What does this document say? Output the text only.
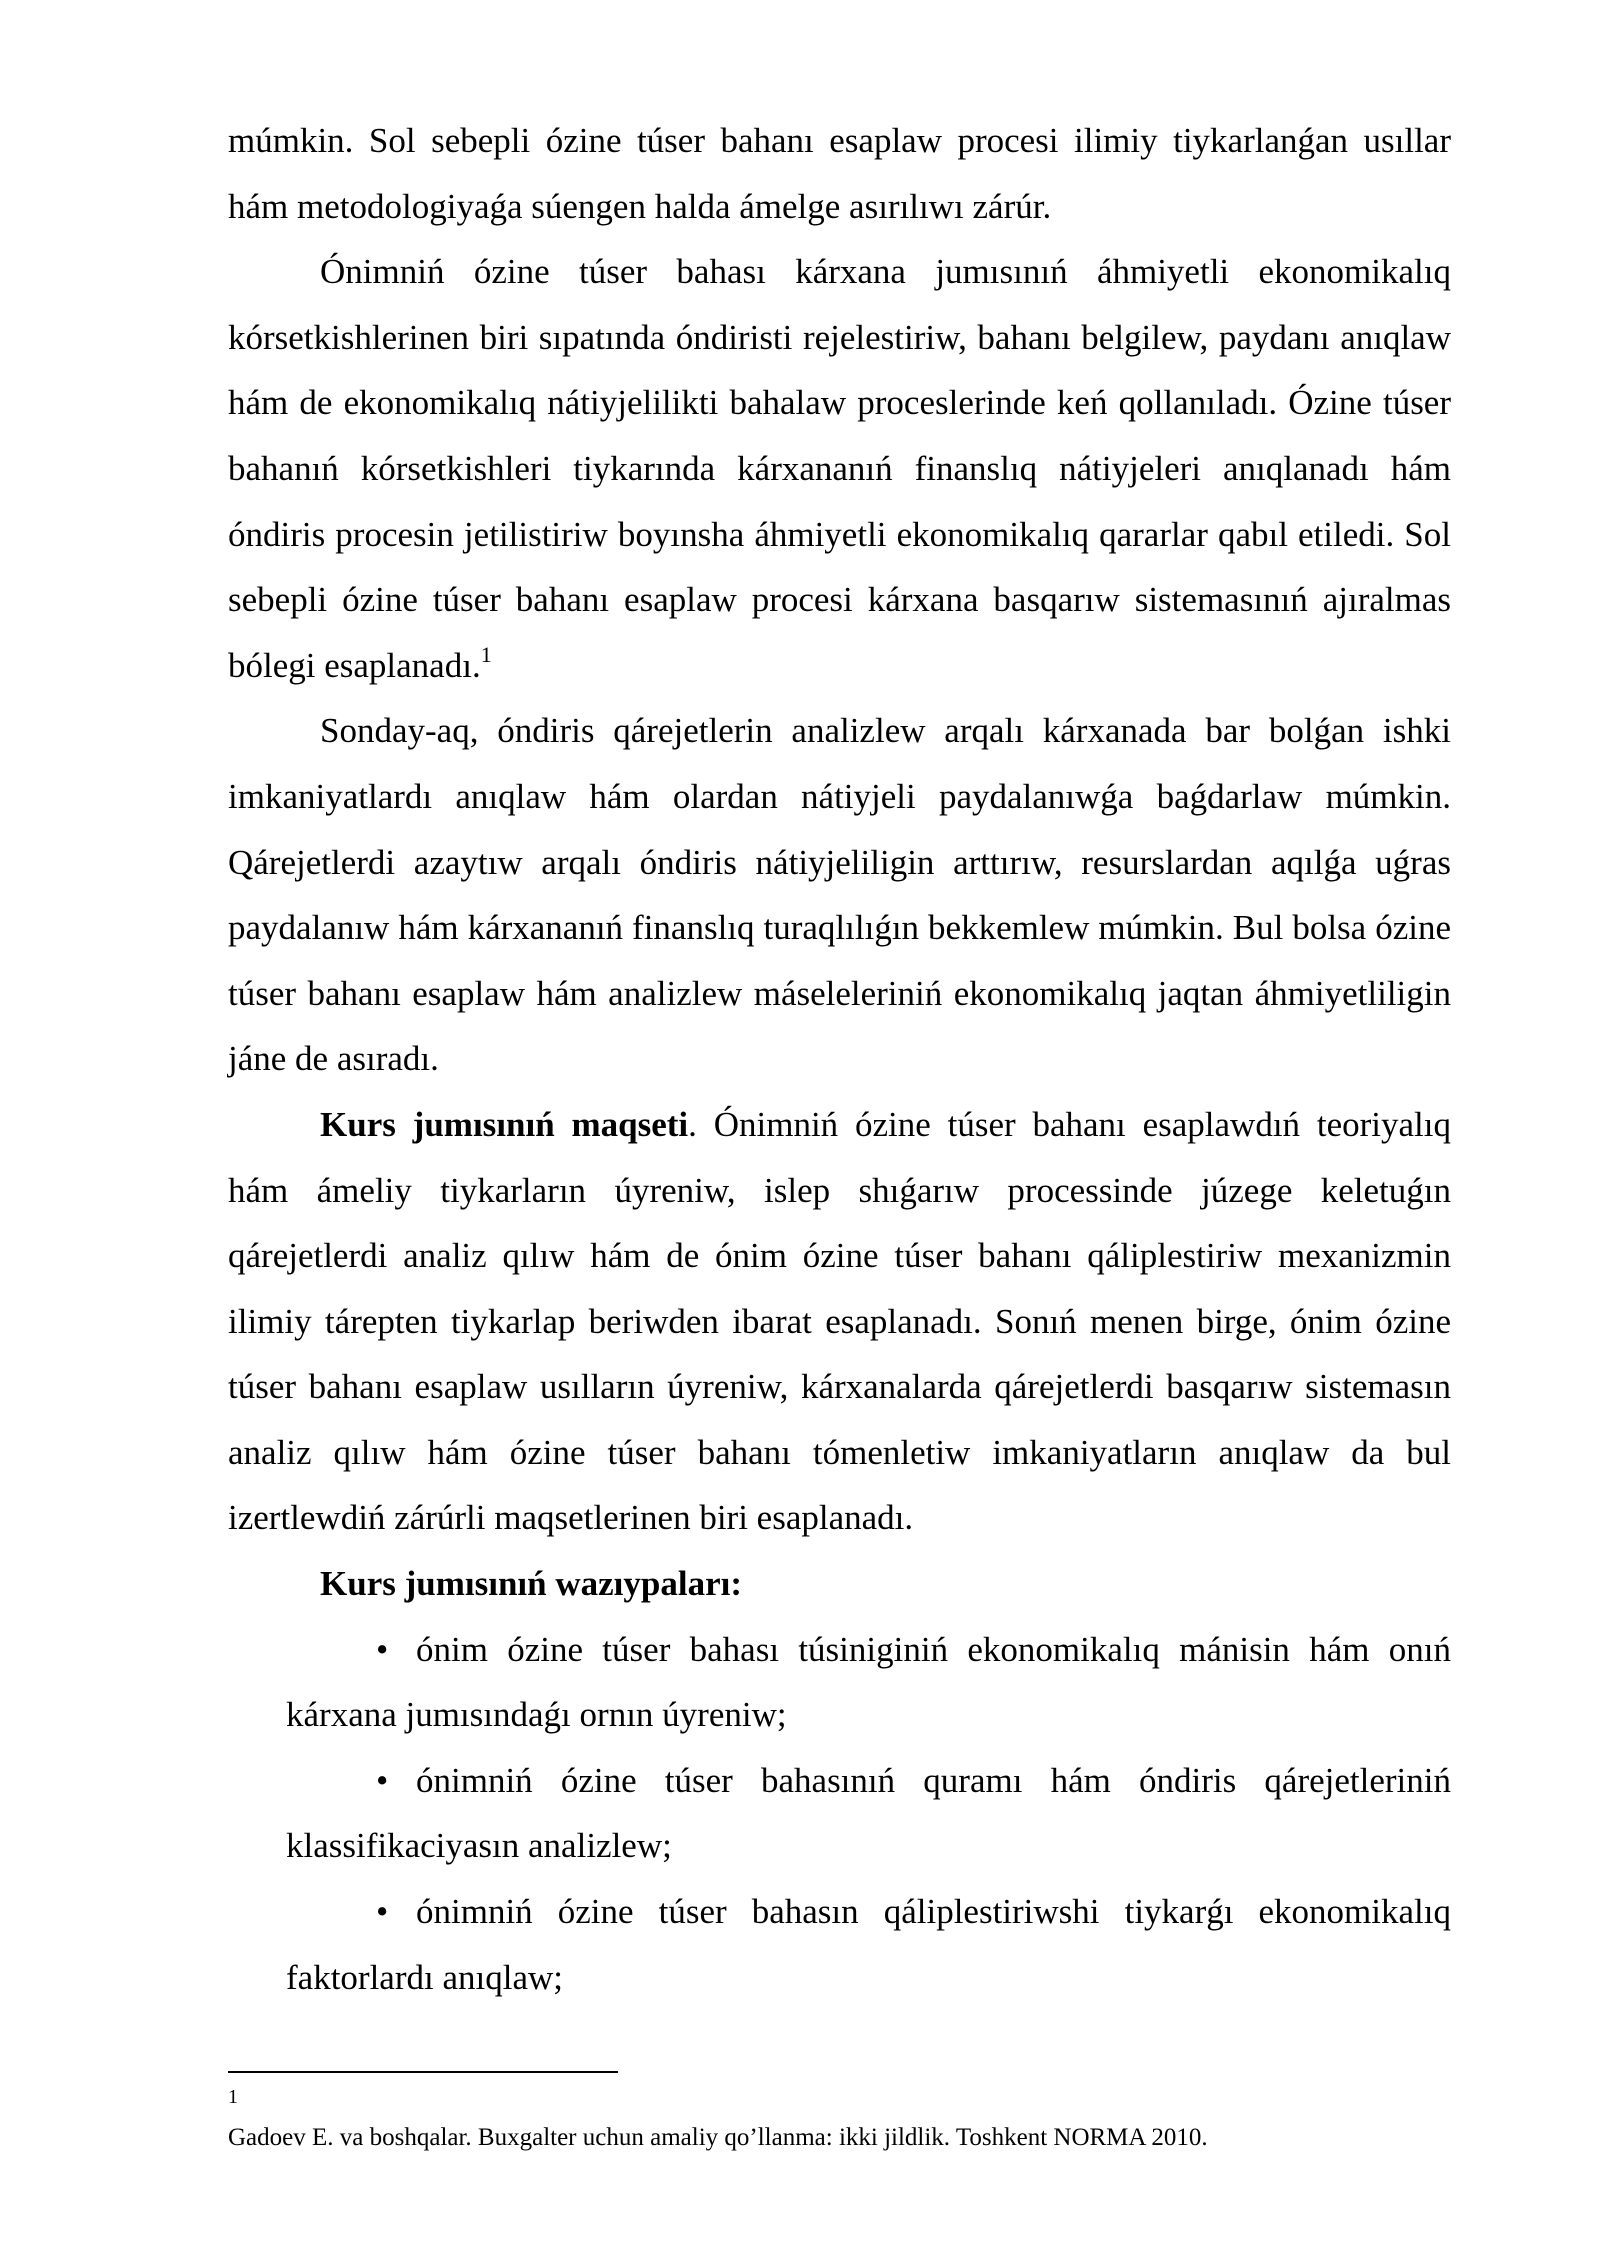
múmkin. Sol sebepli ózine túser bahanı esaplaw procesi ilimiy tiykarlanǵan usıllar hám metodologiyaǵa súengen halda ámelge asırılıwı zárúr.

Ónimniń ózine túser bahası kárxana jumısınıń áhmiyetli ekonomikalıq kórsetkishlerinen biri sıpatında óndiristi rejelestiriw, bahanı belgilew, paydanı anıqlaw hám de ekonomikalıq nátiyjelilikti bahalaw proceslerinde keń qollanıladı. Ózine túser bahanıń kórsetkishleri tiykarında kárxananıń finanslıq nátiyjeleri anıqlanadı hám óndiris procesin jetilistiriw boyınsha áhmiyetli ekonomikalıq qararlar qabıl etiledi. Sol sebepli ózine túser bahanı esaplaw procesi kárxana basqarıw sistemasınıń ajıralmas bólegi esaplanadı.$^1$

Sonday-aq, óndiris qárejetlerin analizlew arqalı kárxanada bar bolǵan ishki imkaniyatlardı anıqlaw hám olardan nátiyjeli paydalanıwǵa baǵdarlaw múmkin. Qárejetlerdi azaytıw arqalı óndiris nátiyjeliligin arttırıw, resurslardan aqılǵa uǵras paydalanıw hám kárxananıń finanslıq turaqlılıǵın bekkemlew múmkin. Bul bolsa ózine túser bahanı esaplaw hám analizlew máseleleriniń ekonomikalıq jaqtan áhmiyetliligin jáne de asıradı.

Kurs jumısınıń maqseti. Ónimniń ózine túser bahanı esaplawdıń teoriyalıq hám ámeliy tiykarların úyreniw, islep shıǵarıw processinde júzege keletuǵın qárejetlerdi analiz qılıw hám de ónim ózine túser bahanı qáliplestiriw mexanizmin ilimiy tárepten tiykarlap beriwden ibarat esaplanadı. Sonıń menen birge, ónim ózine túser bahanı esaplaw usılların úyreniw, kárxanalarda qárejetlerdi basqarıw sistemasın analiz qılıw hám ózine túser bahanı tómenletiw imkaniyatların anıqlaw da bul izertlewdiń zárúrli maqsetlerinen biri esaplanadı.

Kurs jumısınıń wazıypaları:

• ónim ózine túser bahası túsiniginiń ekonomikalıq mánisin hám onıń kárxana jumısındaǵı ornın úyreniw;
• ónimniń ózine túser bahasınıń quramı hám óndiris qárejetleriniń klassifikaciyasın analizlew;
• ónimniń ózine túser bahasın qáliplestiriwshi tiykarǵı ekonomikalıq faktorlardı anıqlaw;
1
Gadoev E. va boshqalar. Buxgalter uchun amaliy qo’llanma: ikki jildlik. Toshkent NORMA 2010.
